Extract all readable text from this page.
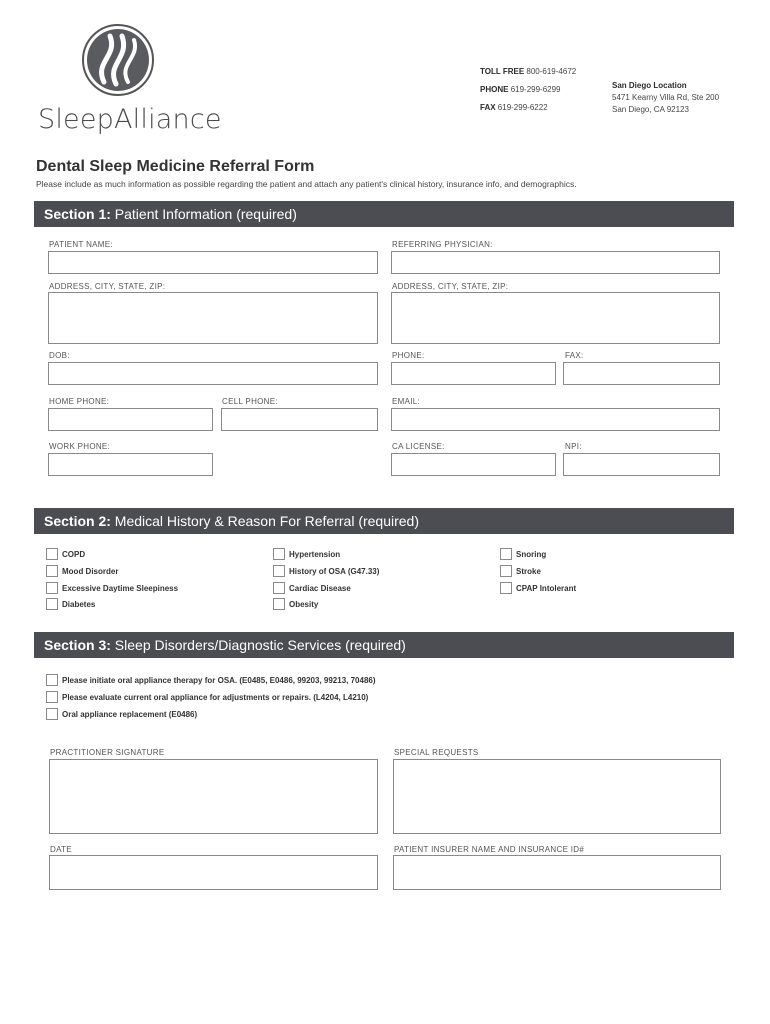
SleepAlliance
TOLL FREE 800-619-4672
PHONE 619-299-6299
FAX 619-299-6222
San Diego Location
5471 Kearny Villa Rd, Ste 200
San Diego, CA 92123
Dental Sleep Medicine Referral Form
Please include as much information as possible regarding the patient and attach any patient's clinical history, insurance info, and demographics.
Section 1: Patient Information (required)
PATIENT NAME:	REFERRING PHYSICIAN:
ADDRESS, CITY, STATE, ZIP:	ADDRESS, CITY, STATE, ZIP:
DOB:	PHONE:	FAX:
HOME PHONE:	CELL PHONE:	EMAIL:
WORK PHONE:	CA LICENSE:	NPI:
Section 2: Medical History & Reason For Referral (required)
COPD
Mood Disorder
Excessive Daytime Sleepiness
Diabetes
Hypertension
History of OSA (G47.33)
Cardiac Disease
Obesity
Snoring
Stroke
CPAP Intolerant
Section 3: Sleep Disorders/Diagnostic Services (required)
Please initiate oral appliance therapy for OSA. (E0485, E0486, 99203, 99213, 70486)
Please evaluate current oral appliance for adjustments or repairs. (L4204, L4210)
Oral appliance replacement (E0486)
PRACTITIONER SIGNATURE	SPECIAL REQUESTS
DATE	PATIENT INSURER NAME AND INSURANCE ID#
